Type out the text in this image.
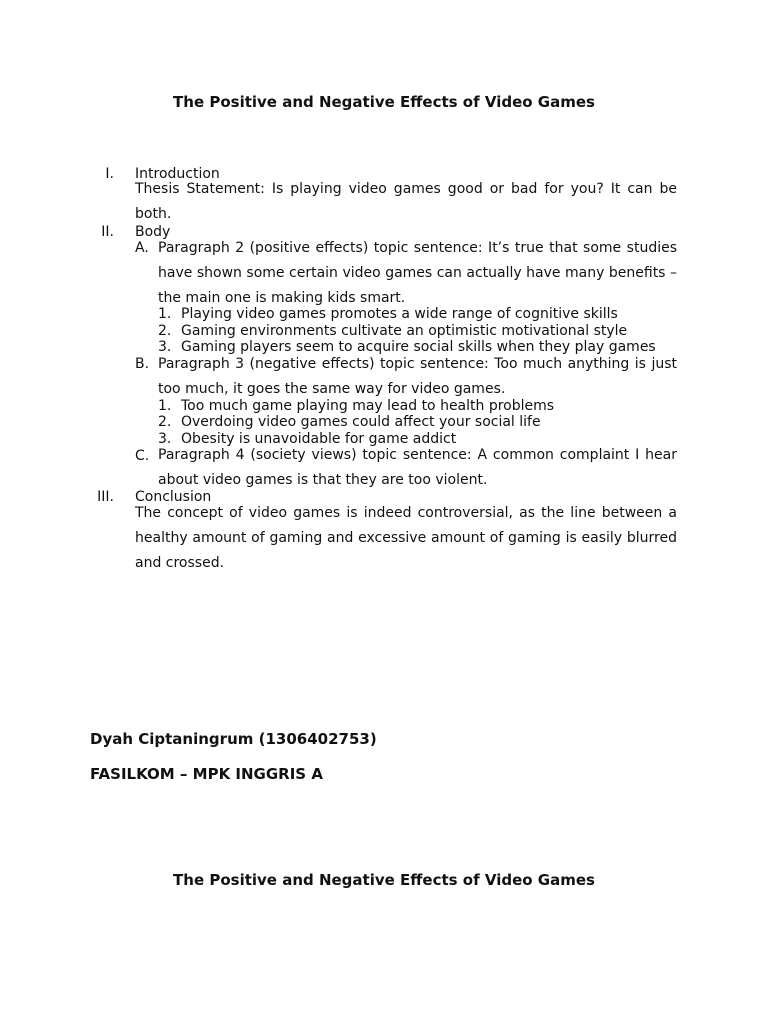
The Positive and Negative Effects of Video Games
I. Introduction
Thesis Statement: Is playing video games good or bad for you? It can be both.
II. Body
A. Paragraph 2 (positive effects) topic sentence: It’s true that some studies have shown some certain video games can actually have many benefits – the main one is making kids smart.
1. Playing video games promotes a wide range of cognitive skills
2. Gaming environments cultivate an optimistic motivational style
3. Gaming players seem to acquire social skills when they play games
B. Paragraph 3 (negative effects) topic sentence: Too much anything is just too much, it goes the same way for video games.
1. Too much game playing may lead to health problems
2. Overdoing video games could affect your social life
3. Obesity is unavoidable for game addict
C. Paragraph 4 (society views) topic sentence: A common complaint I hear about video games is that they are too violent.
III. Conclusion
The concept of video games is indeed controversial, as the line between a healthy amount of gaming and excessive amount of gaming is easily blurred and crossed.
Dyah Ciptaningrum (1306402753)
FASILKOM – MPK INGGRIS A
The Positive and Negative Effects of Video Games
